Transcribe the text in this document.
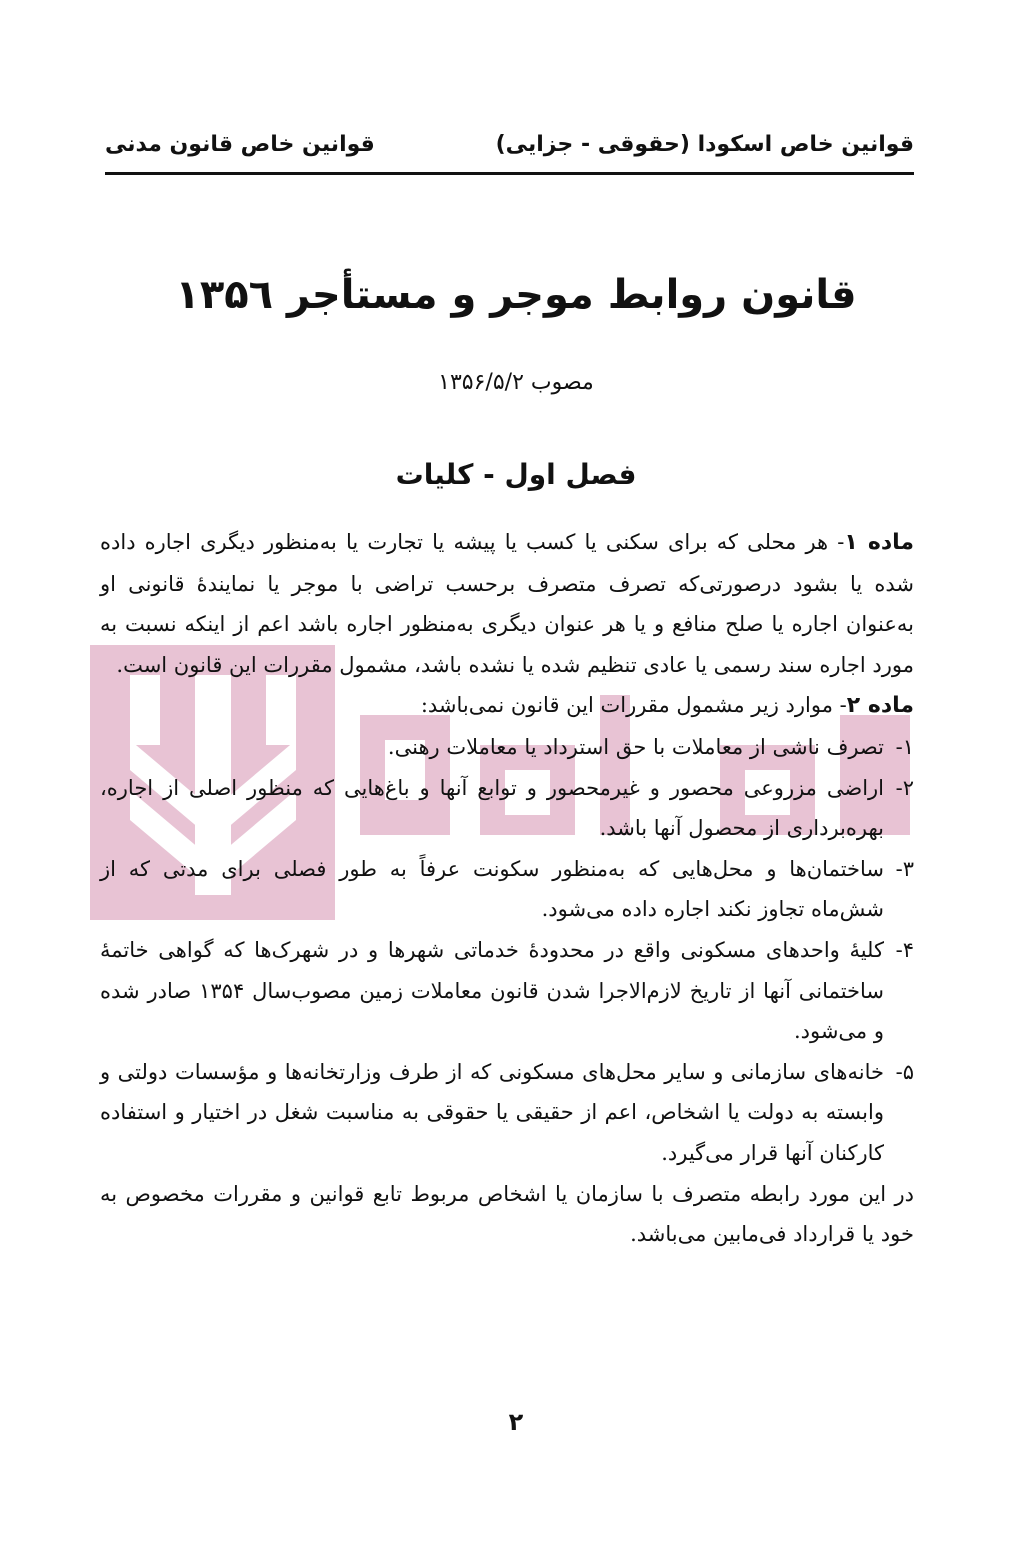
قوانین خاص اسکودا (حقوقی - جزایی)
قوانین خاص قانون مدنی
قانون روابط موجر و مستأجر ۱۳۵٦
مصوب ۱۳۵۶/۵/۲
فصل اول - کلیات
ماده ۱- هر محلی که برای سکنی یا کسب یا پیشه یا تجارت یا به‌منظور دیگری اجاره داده شده یا بشود درصورتی‌که تصرف متصرف برحسب تراضی با موجر یا نمایندهٔ قانونی او به‌عنوان اجاره یا صلح منافع و یا هر عنوان دیگری به‌منظور اجاره باشد اعم از اینکه نسبت به مورد اجاره سند رسمی یا عادی تنظیم شده یا نشده باشد، مشمول مقررات این قانون است.
ماده ۲- موارد زیر مشمول مقررات این قانون نمی‌باشد:
۱-
تصرف ناشی از معاملات با حق استرداد یا معاملات رهنی.
۲-
اراضی مزروعی محصور و غیرمحصور و توابع آنها و باغ‌هایی که منظور اصلی از اجاره، بهره‌برداری از محصول آنها باشد.
۳-
ساختمان‌ها و محل‌هایی که به‌منظور سکونت عرفاً به طور فصلی برای مدتی که از شش‌ماه تجاوز نکند اجاره داده می‌شود.
۴-
کلیهٔ واحدهای مسکونی واقع در محدودهٔ خدماتی شهرها و در شهرک‌ها که گواهی خاتمهٔ ساختمانی آنها از تاریخ لازم‌الاجرا شدن قانون معاملات زمین مصوب‌سال ۱۳۵۴ صادر شده و می‌شود.
۵-
خانه‌های سازمانی و سایر محل‌های مسکونی که از طرف وزارتخانه‌ها و مؤسسات دولتی و وابسته به دولت یا اشخاص، اعم از حقیقی یا حقوقی به مناسبت شغل در اختیار و استفاده کارکنان آنها قرار می‌گیرد.
در این مورد رابطه متصرف با سازمان یا اشخاص مربوط تابع قوانین و مقررات مخصوص به خود یا قرارداد فی‌مابین می‌باشد.
۲
